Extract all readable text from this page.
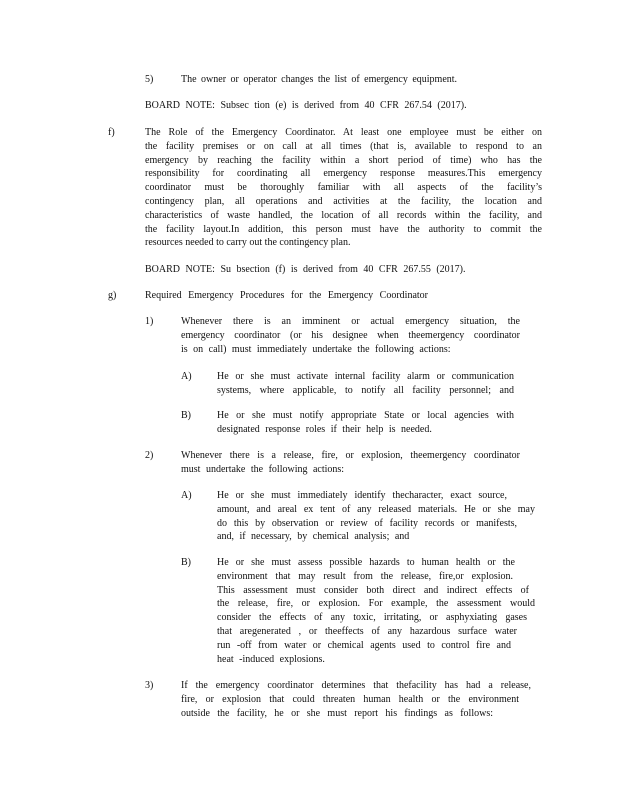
5)	The owner or operator changes the list of emergency equipment.
BOARD NOTE: Subsec tion (e) is derived from 40 CFR 267.54 (2017).
f)	The Role of the Emergency Coordinator. At least one employee must be either on
the facility premises or on call at all times (that is, available to respond to an
emergency by reaching the facility within a short period of time) who has the
responsibility for coordinating all emergency response measures.This emergency
coordinator must be thoroughly familiar with all aspects of the facility’s
contingency plan, all operations and activities at the facility, the location and
characteristics of waste handled, the location of all records within the facility, and
the facility layout.In addition, this person must have the authority to commit the
resources needed to carry out the contingency plan.
BOARD NOTE: Su bsection (f) is derived from 40 CFR 267.55 (2017).
g)	Required Emergency Procedures for the Emergency Coordinator
1)	Whenever there is an imminent or actual emergency situation, the
emergency coordinator (or his designee when theemergency coordinator
is on call) must immediately undertake the following actions:
A)	He or she must activate internal facility alarm or communication
systems, where applicable, to notify all facility personnel; and
B)	He or she must notify appropriate State or local agencies with
designated response roles if their help is needed.
2)	Whenever there is a release, fire, or explosion, theemergency coordinator
must undertake the following actions:
A)	He or she must immediately identify thecharacter, exact source,
amount, and areal ex tent of any released materials. He or she may
do this by observation or review of facility records or manifests,
and, if necessary, by chemical analysis; and
B)	He or she must assess possible hazards to human health or the
environment that may result from the release, fire,or explosion.
This assessment must consider both direct and indirect effects of
the release, fire, or explosion. For example, the assessment would
consider the effects of any toxic, irritating, or asphyxiating gases
that aregenerated , or theeffects of any hazardous surface water
run -off from water or chemical agents used to control fire and
heat -induced explosions.
3)	If the emergency coordinator determines that thefacility has had a release,
fire, or explosion that could threaten human health or the environment
outside the facility, he or she must report his findings as follows:
